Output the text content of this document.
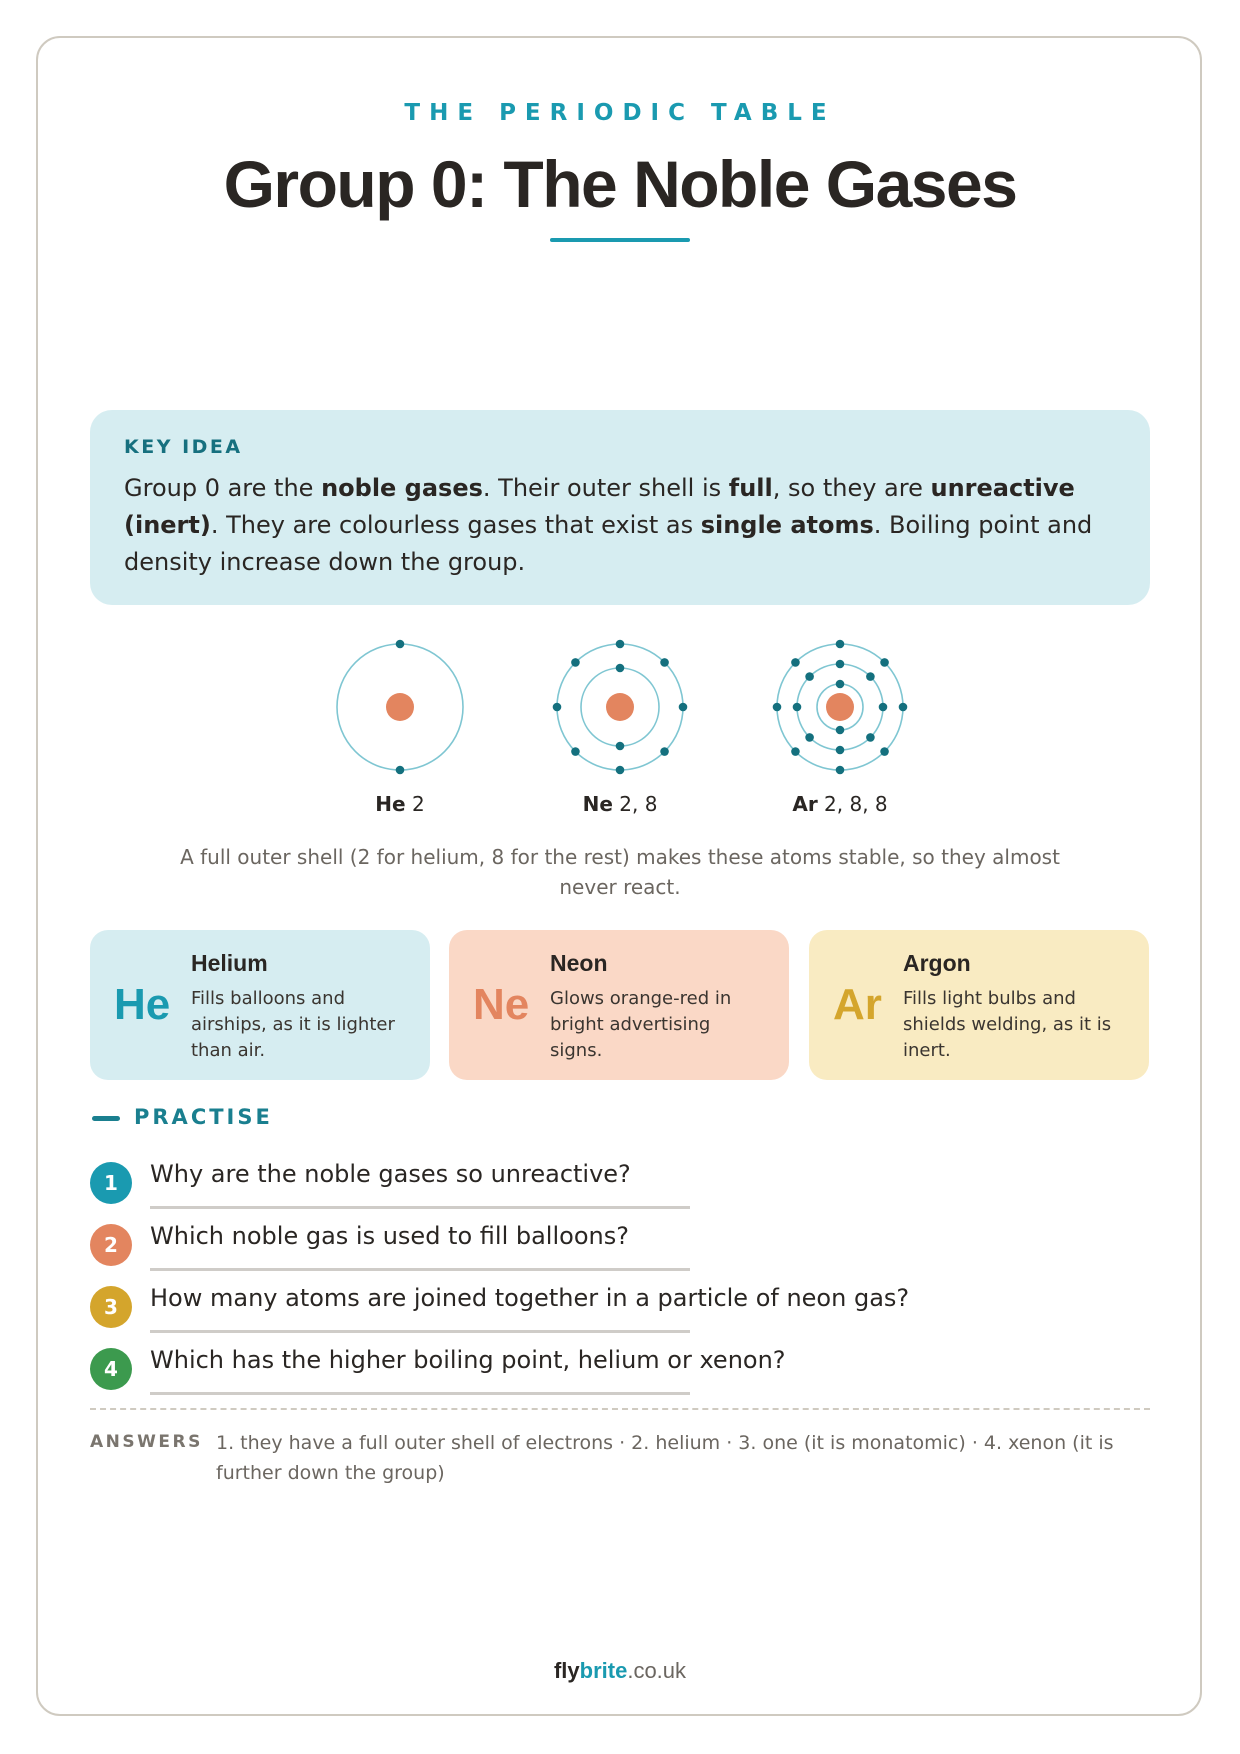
THE PERIODIC TABLE
Group 0: The Noble Gases
KEY IDEA
Group 0 are the noble gases. Their outer shell is full, so they are unreactive (inert). They are colourless gases that exist as single atoms. Boiling point and density increase down the group.
He 2	Ne 2, 8	Ar 2, 8, 8
A full outer shell (2 for helium, 8 for the rest) makes these atoms stable, so they almost never react.
He
Helium
Fills balloons and airships, as it is lighter than air.
Ne
Neon
Glows orange-red in bright advertising signs.
Ar
Argon
Fills light bulbs and shields welding, as it is inert.
PRACTISE
1	Why are the noble gases so unreactive?
2	Which noble gas is used to fill balloons?
3	How many atoms are joined together in a particle of neon gas?
4	Which has the higher boiling point, helium or xenon?
ANSWERS 1. they have a full outer shell of electrons · 2. helium · 3. one (it is monatomic) · 4. xenon (it is further down the group)
flybrite.co.uk
